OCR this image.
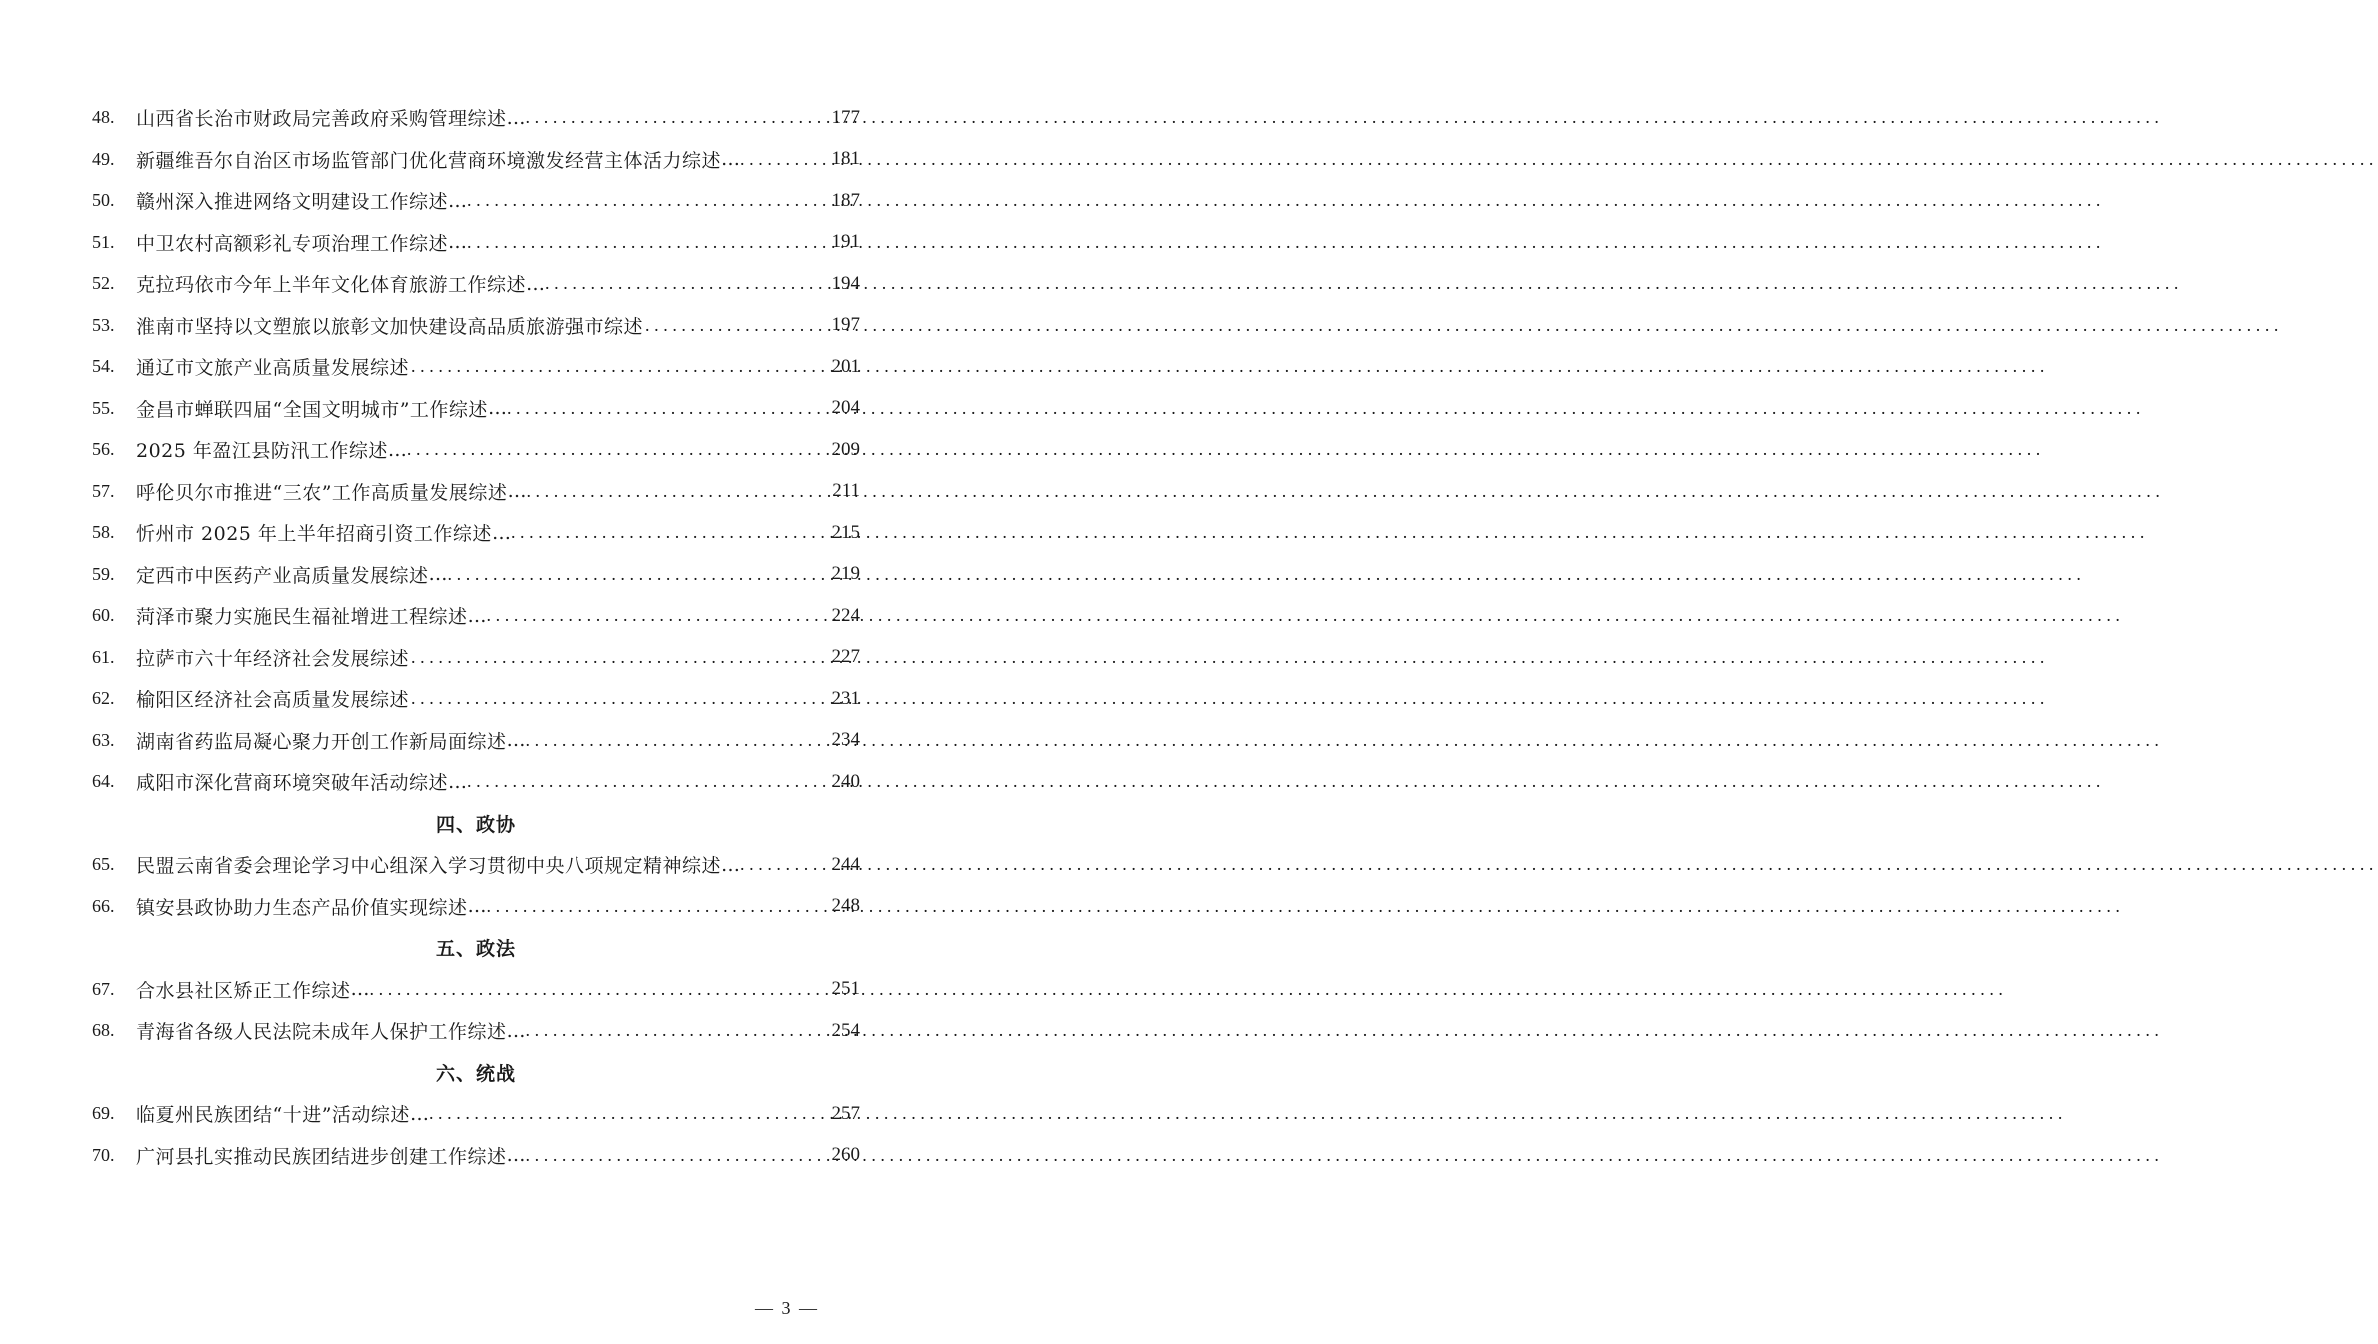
48.	山西省长治市财政局完善政府采购管理综述 … .....	177
49.	新疆维吾尔自治区市场监管部门优化营商环境激发经营主体活力综述 … .....	181
50.	赣州深入推进网络文明建设工作综述 … .....	187
51.	中卫农村高额彩礼专项治理工作综述 … .....	191
52.	克拉玛依市今年上半年文化体育旅游工作综述 … .....	194
53.	淮南市坚持以文塑旅以旅彰文加快建设高品质旅游强市综述 .....	197
54.	通辽市文旅产业高质量发展综述 .....	201
55.	金昌市蝉联四届“全国文明城市”工作综述 … .....	204
56.	2025 年盈江县防汛工作综述 … .....	209
57.	呼伦贝尔市推进“三农”工作高质量发展综述 … .....	211
58.	忻州市 2025 年上半年招商引资工作综述 … .....	215
59.	定西市中医药产业高质量发展综述 … .....	219
60.	菏泽市聚力实施民生福祉增进工程综述 … .....	224
61.	拉萨市六十年经济社会发展综述 .....	227
62.	榆阳区经济社会高质量发展综述 .....	231
63.	湖南省药监局凝心聚力开创工作新局面综述 … .....	234
64.	咸阳市深化营商环境突破年活动综述 … .....	240
四、政协
65.	民盟云南省委会理论学习中心组深入学习贯彻中央八项规定精神综述 … .....	244
66.	镇安县政协助力生态产品价值实现综述 … .....	248
五、政法
67.	合水县社区矫正工作综述 … .....	251
68.	青海省各级人民法院未成年人保护工作综述 … .....	254
六、统战
69.	临夏州民族团结“十进”活动综述 … .....	257
70.	广河县扎实推动民族团结进步创建工作综述 … .....	260
— 3 —
